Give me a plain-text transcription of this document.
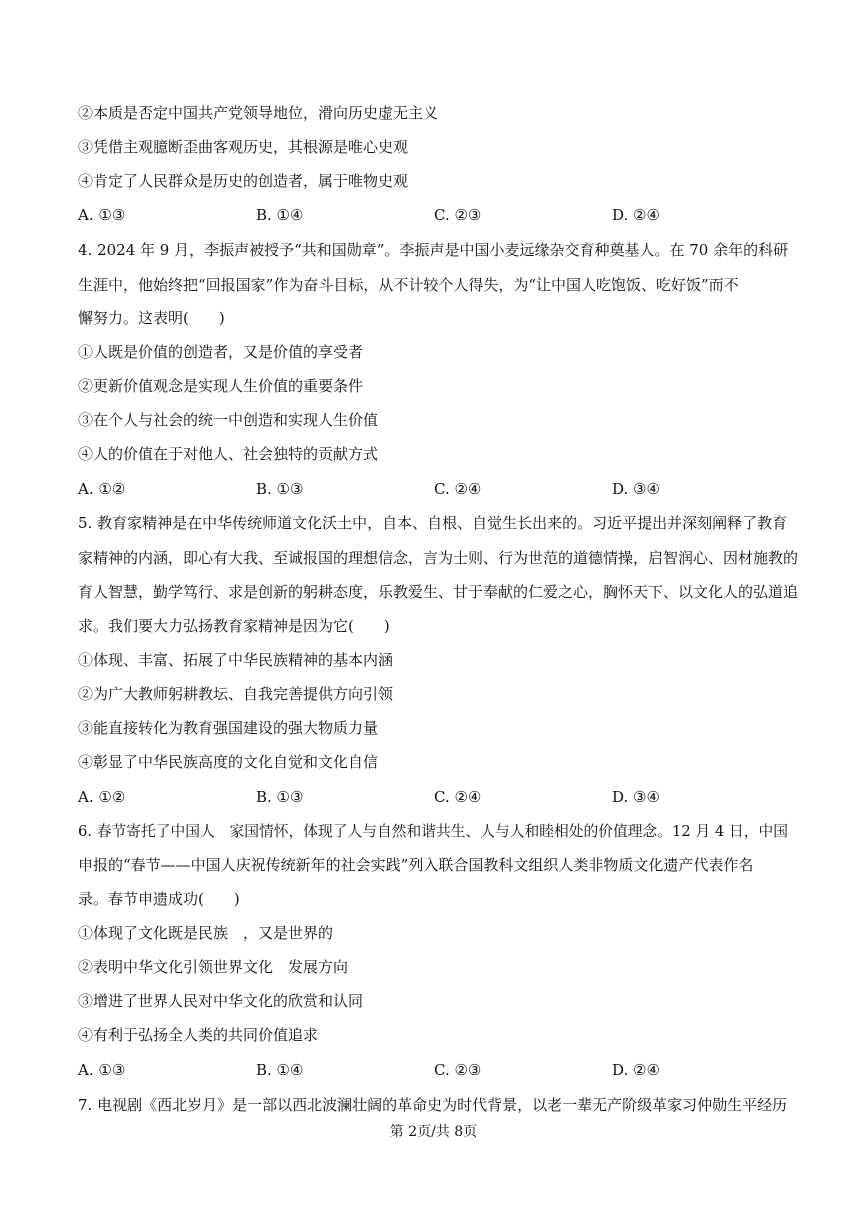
②本质是否定中国共产党领导地位，滑向历史虚无主义
③凭借主观臆断歪曲客观历史，其根源是唯心史观
④肯定了人民群众是历史的创造者，属于唯物史观
A. ①③	B. ①④	C. ②③	D. ②④
4. 2024 年 9 月，李振声被授予“共和国勋章”。李振声是中国小麦远缘杂交育种奠基人。在 70 余年的科研
生涯中，他始终把“回报国家”作为奋斗目标，从不计较个人得失，为“让中国人吃饱饭、吃好饭”而不
懈努力。这表明(　　)
①人既是价值的创造者，又是价值的享受者
②更新价值观念是实现人生价值的重要条件
③在个人与社会的统一中创造和实现人生价值
④人的价值在于对他人、社会独特的贡献方式
A. ①②	B. ①③	C. ②④	D. ③④
5. 教育家精神是在中华传统师道文化沃土中，自本、自根、自觉生长出来的。习近平提出并深刻阐释了教育
家精神的内涵，即心有大我、至诚报国的理想信念，言为士则、行为世范的道德情操，启智润心、因材施教的
育人智慧，勤学笃行、求是创新的躬耕态度，乐教爱生、甘于奉献的仁爱之心，胸怀天下、以文化人的弘道追
求。我们要大力弘扬教育家精神是因为它(　　)
①体现、丰富、拓展了中华民族精神的基本内涵
②为广大教师躬耕教坛、自我完善提供方向引领
③能直接转化为教育强国建设的强大物质力量
④彰显了中华民族高度的文化自觉和文化自信
A. ①②	B. ①③	C. ②④	D. ③④
6. 春节寄托了中国人　家国情怀，体现了人与自然和谐共生、人与人和睦相处的价值理念。12 月 4 日，中国
申报的“春节——中国人庆祝传统新年的社会实践”列入联合国教科文组织人类非物质文化遗产代表作名
录。春节申遗成功(　　)
①体现了文化既是民族　，又是世界的
②表明中华文化引领世界文化　发展方向
③增进了世界人民对中华文化的欣赏和认同
④有利于弘扬全人类的共同价值追求
A. ①③	B. ①④	C. ②③	D. ②④
7. 电视剧《西北岁月》是一部以西北波澜壮阔的革命史为时代背景，以老一辈无产阶级革家习仲勋生平经历
第 2页/共 8页
